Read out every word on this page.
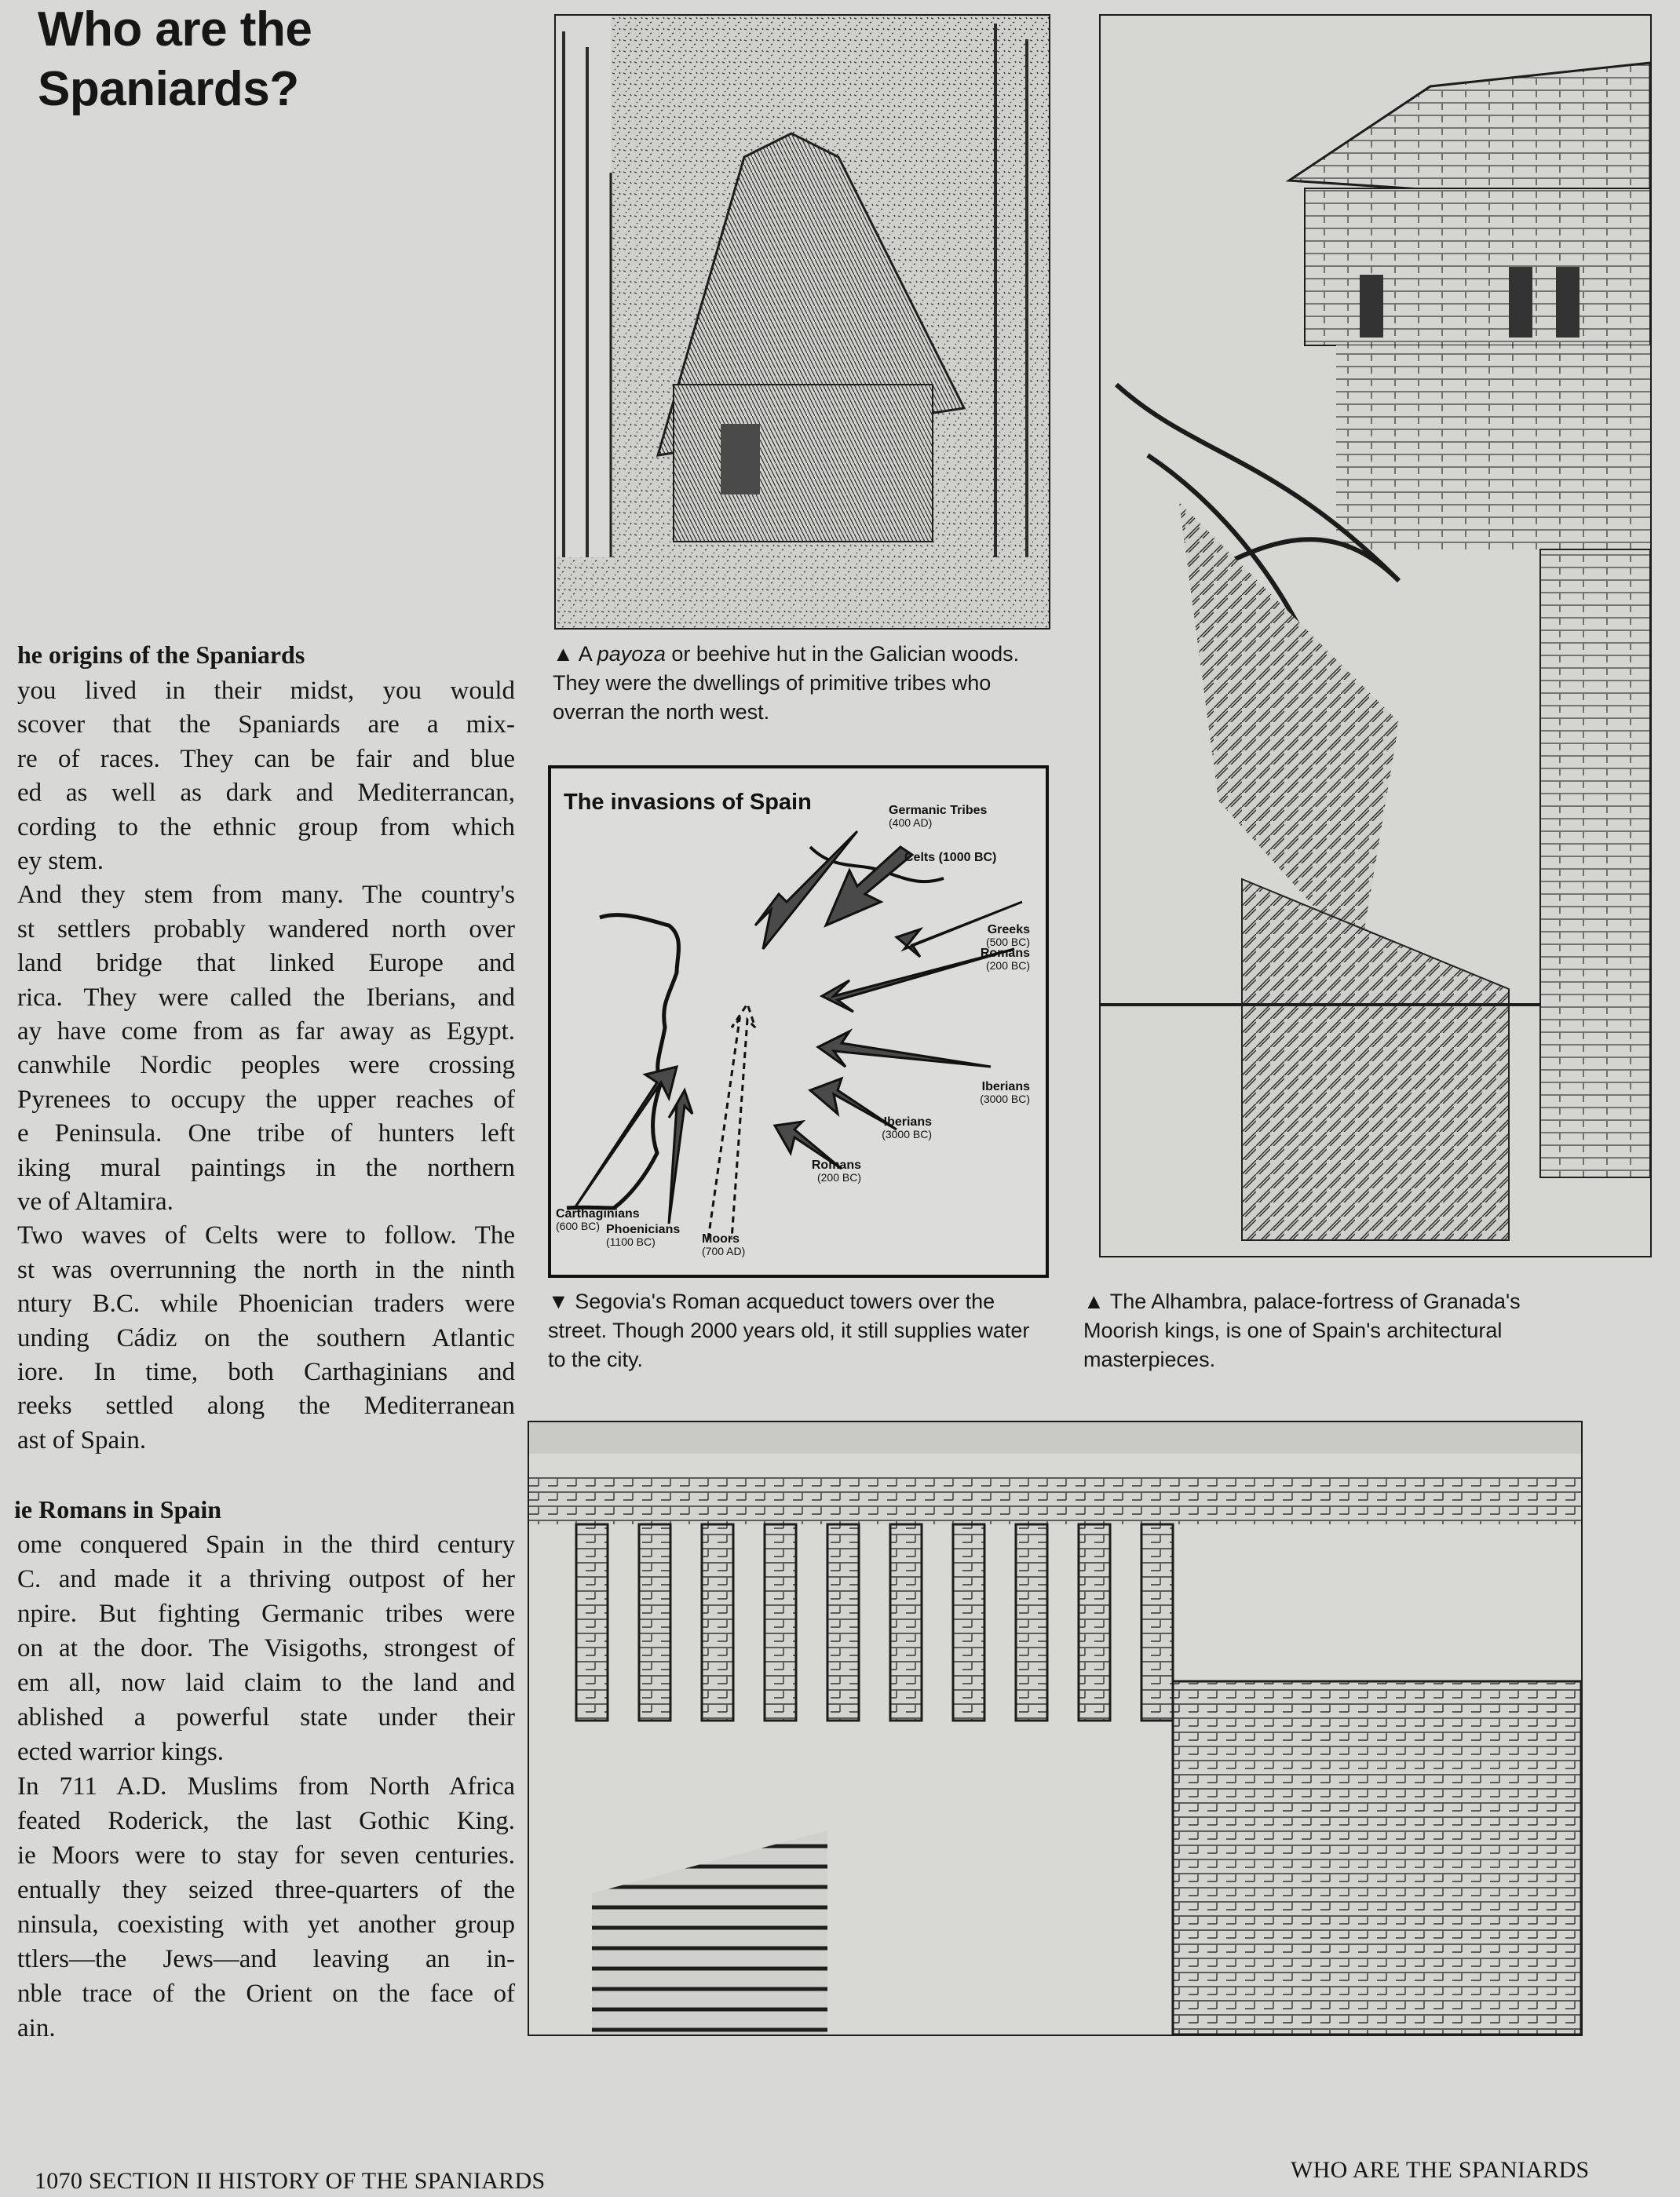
Who are the
Spaniards?
he origins of the Spaniards
you lived in their midst, you would
scover that the Spaniards are a mix-
re of races. They can be fair and blue
ed as well as dark and Mediterrancan,
cording to the ethnic group from which
ey stem.
And they stem from many. The country's
st settlers probably wandered north over
land bridge that linked Europe and
rica. They were called the Iberians, and
ay have come from as far away as Egypt.
canwhile Nordic peoples were crossing
Pyrenees to occupy the upper reaches of
e Peninsula. One tribe of hunters left
iking mural paintings in the northern
ve of Altamira.
Two waves of Celts were to follow. The
st was overrunning the north in the ninth
ntury B.C. while Phoenician traders were
unding Cádiz on the southern Atlantic
iore. In time, both Carthaginians and
reeks settled along the Mediterranean
ast of Spain.
ie Romans in Spain
ome conquered Spain in the third century
C. and made it a thriving outpost of her
npire. But fighting Germanic tribes were
on at the door. The Visigoths, strongest of
em all, now laid claim to the land and
ablished a powerful state under their
ected warrior kings.
In 711 A.D. Muslims from North Africa
feated Roderick, the last Gothic King.
ie Moors were to stay for seven centuries.
entually they seized three-quarters of the
ninsula, coexisting with yet another group
ttlers—the Jews—and leaving an in-
nble trace of the Orient on the face of
ain.
▲ A payoza or beehive hut in the Galician woods. They were the dwellings of primitive tribes who overran the north west.
▼ Segovia's Roman acqueduct towers over the street. Though 2000 years old, it still supplies water to the city.
▲ The Alhambra, palace-fortress of Granada's Moorish kings, is one of Spain's architectural masterpieces.
The invasions of Spain	Germanic Tribes
(400 AD)
Celts (1000 BC)
Greeks
(500 BC)
Romans
(200 BC)
Iberians
(3000 BC)
Iberians
(3000 BC)
Romans
(200 BC)
Carthaginians
(600 BC) Phoenicians
(1100 BC)	Moors
(700 AD)
1070 SECTION II HISTORY OF THE SPANIARDS	WHO ARE THE SPANIARDS
